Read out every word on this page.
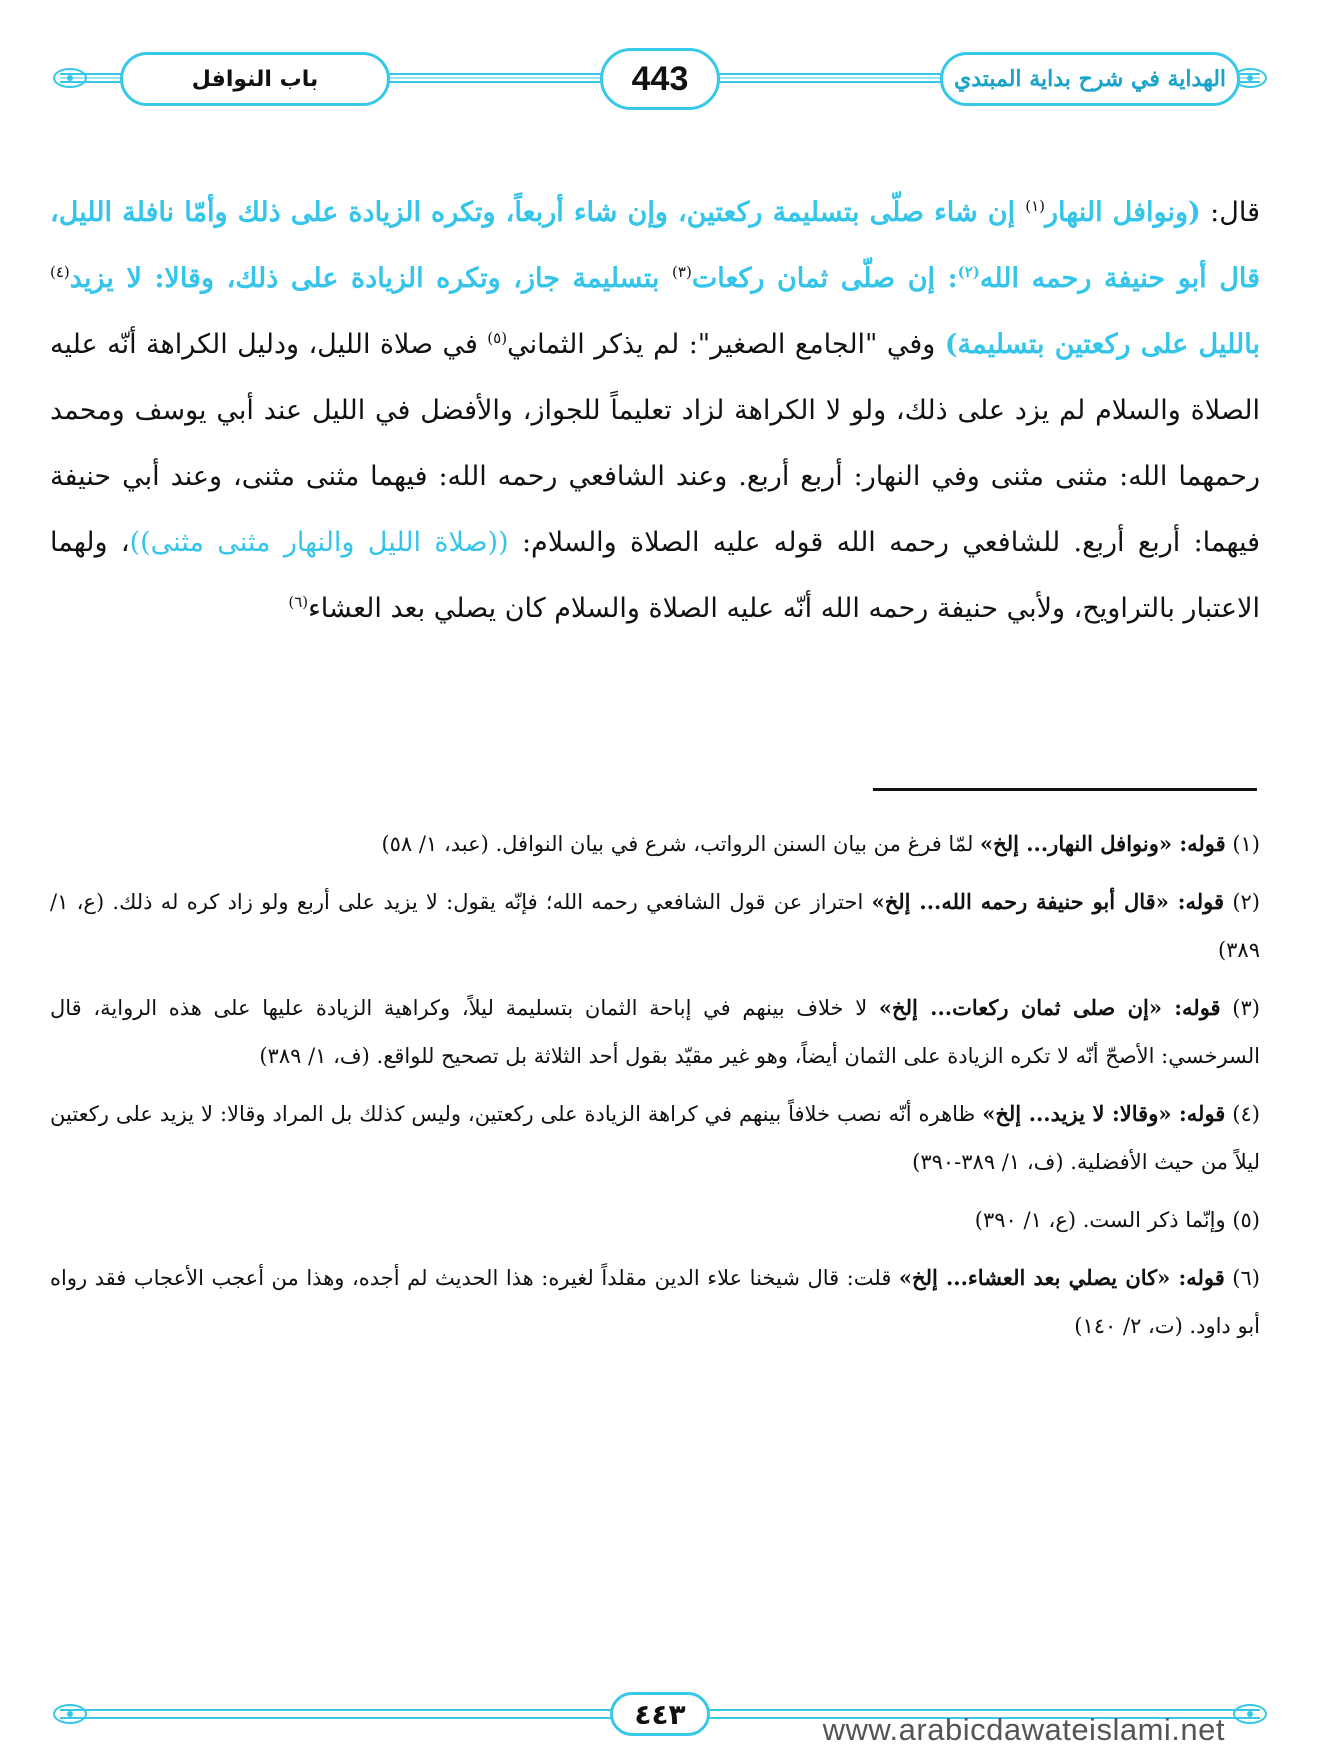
باب النوافل	443	الهداية في شرح بداية المبتدي
قال: (ونوافل النهار$^{(١)}$ إن شاء صلّى بتسليمة ركعتين، وإن شاء أربعاً، وتكره الزيادة على ذلك وأمّا نافلة الليل، قال أبو حنيفة رحمه الله$^{(٢)}$: إن صلّى ثمان ركعات$^{(٣)}$ بتسليمة جاز، وتكره الزيادة على ذلك، وقالا: لا يزيد$^{(٤)}$ بالليل على ركعتين بتسليمة) وفي "الجامع الصغير": لم يذكر الثماني$^{(٥)}$ في صلاة الليل، ودليل الكراهة أنّه عليه الصلاة والسلام لم يزد على ذلك، ولو لا الكراهة لزاد تعليماً للجواز، والأفضل في الليل عند أبي يوسف ومحمد رحمهما الله: مثنى مثنى وفي النهار: أربع أربع. وعند الشافعي رحمه الله: فيهما مثنى مثنى، وعند أبي حنيفة فيهما: أربع أربع. للشافعي رحمه الله قوله عليه الصلاة والسلام: ((صلاة الليل والنهار مثنى مثنى))، ولهما الاعتبار بالتراويح، ولأبي حنيفة رحمه الله أنّه عليه الصلاة والسلام كان يصلي بعد العشاء$^{(٦)}$

(١) قوله: «ونوافل النهار... إلخ» لمّا فرغ من بيان السنن الرواتب، شرع في بيان النوافل. (عبد، ١/ ٥٨)

(٢) قوله: «قال أبو حنيفة رحمه الله... إلخ» احتراز عن قول الشافعي رحمه الله؛ فإنّه يقول: لا يزيد على أربع ولو زاد كره له ذلك. (ع، ١/ ٣٨٩)

(٣) قوله: «إن صلى ثمان ركعات... إلخ» لا خلاف بينهم في إباحة الثمان بتسليمة ليلاً، وكراهية الزيادة عليها على هذه الرواية، قال السرخسي: الأصحّ أنّه لا تكره الزيادة على الثمان أيضاً، وهو غير مقيّد بقول أحد الثلاثة بل تصحيح للواقع. (ف، ١/ ٣٨٩)

(٤) قوله: «وقالا: لا يزيد... إلخ» ظاهره أنّه نصب خلافاً بينهم في كراهة الزيادة على ركعتين، وليس كذلك بل المراد وقالا: لا يزيد على ركعتين ليلاً من حيث الأفضلية. (ف، ١/ ٣٨٩-٣٩٠)

(٥) وإنّما ذكر الست. (ع، ١/ ٣٩٠)

(٦) قوله: «كان يصلي بعد العشاء... إلخ» قلت: قال شيخنا علاء الدين مقلداً لغيره: هذا الحديث لم أجده، وهذا من أعجب الأعجاب فقد رواه أبو داود. (ت، ٢/ ١٤٠)

٤٤٣	www.arabicdawateislami.net
